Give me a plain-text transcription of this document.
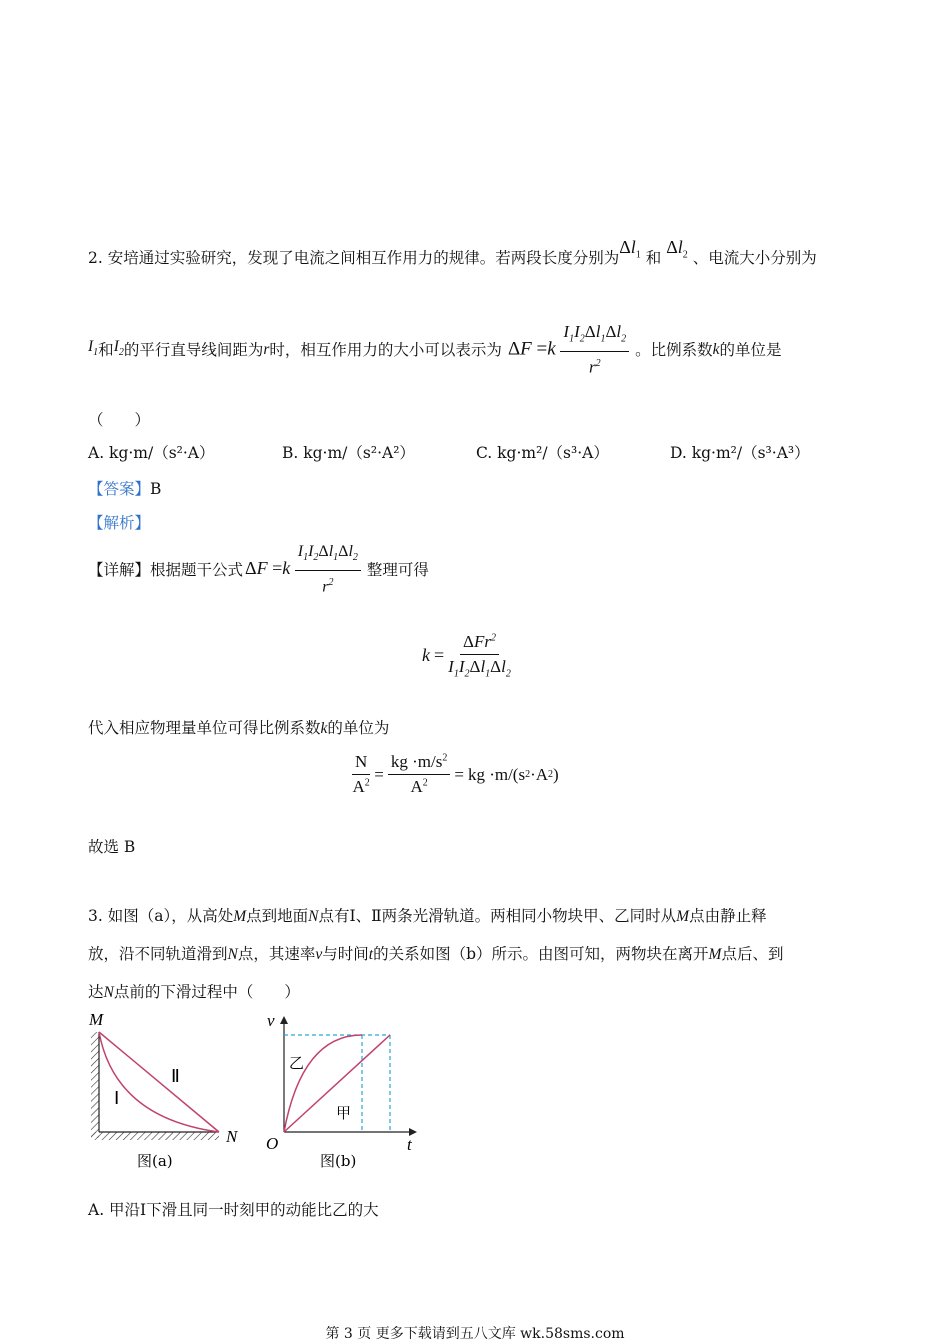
2. 安培通过实验研究，发现了电流之间相互作用力的规律。若两段长度分别为$\Delta l_1$ 和 $\Delta l_2$ 、电流大小分别为
$I_1$ 和 $I_2$ 的平行直导线间距为 r 时，相互作用力的大小可以表示为 $\Delta F =k \frac{I_1I_2\Delta l_1\Delta l_2}{r^2}$ 。比例系数 k 的单位是
（　　）
A. kg·m/（s²·A）	B. kg·m/（s²·A²）	C. kg·m²/（s³·A）	D. kg·m²/（s³·A³）
【答案】B
【解析】
【详解】 根据题干公式 $\Delta F =k \frac{I_1I_2\Delta l_1\Delta l_2}{r^2}$ 整理可得
$k = \frac{\Delta Fr^2}{I_1I_2\Delta l_1\Delta l_2}$
代入相应物理量单位可得比例系数k的单位为
$\frac{N}{A^2} = \frac{kg \cdot m/s^2}{A^2}$ = kg ·m/(s 2 ·A 2 )
故选 B
3. 如图（a），从高处M点到地面N点有Ⅰ、Ⅱ两条光滑轨道。两相同小物块甲、乙同时从M点由静止释
放，沿不同轨道滑到N点，其速率v与时间t的关系如图（b）所示。由图可知，两物块在离开M点后、到
达N点前的下滑过程中（　　）
M
N
Ⅰ
Ⅱ
图(a)
v
t
O
乙
甲
图(b)
A. 甲沿Ⅰ下滑且同一时刻甲的动能比乙的大
第 3 页 更多下载请到五八文库 wk.58sms.com
